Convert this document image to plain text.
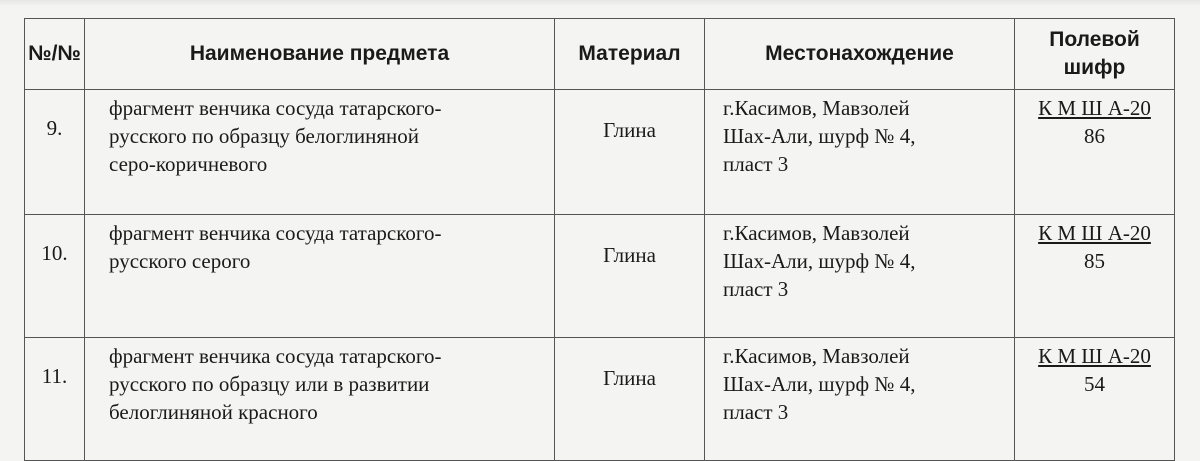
№/№	Наименование предмета	Материал	Местонахождение	Полевой
шифр

9.	фрагмент венчика сосуда татарского-
русского по образцу белоглиняной
серо-коричневого	Глина	г.Касимов, Мавзолей
Шах-Али, шурф № 4,
пласт 3	К М Ш А-20
86

10.	фрагмент венчика сосуда татарского-
русского серого	Глина	г.Касимов, Мавзолей
Шах-Али, шурф № 4,
пласт 3	К М Ш А-20
85

11.	фрагмент венчика сосуда татарского-
русского по образцу или в развитии
белоглиняной красного	Глина	г.Касимов, Мавзолей
Шах-Али, шурф № 4,
пласт 3	К М Ш А-20
54
